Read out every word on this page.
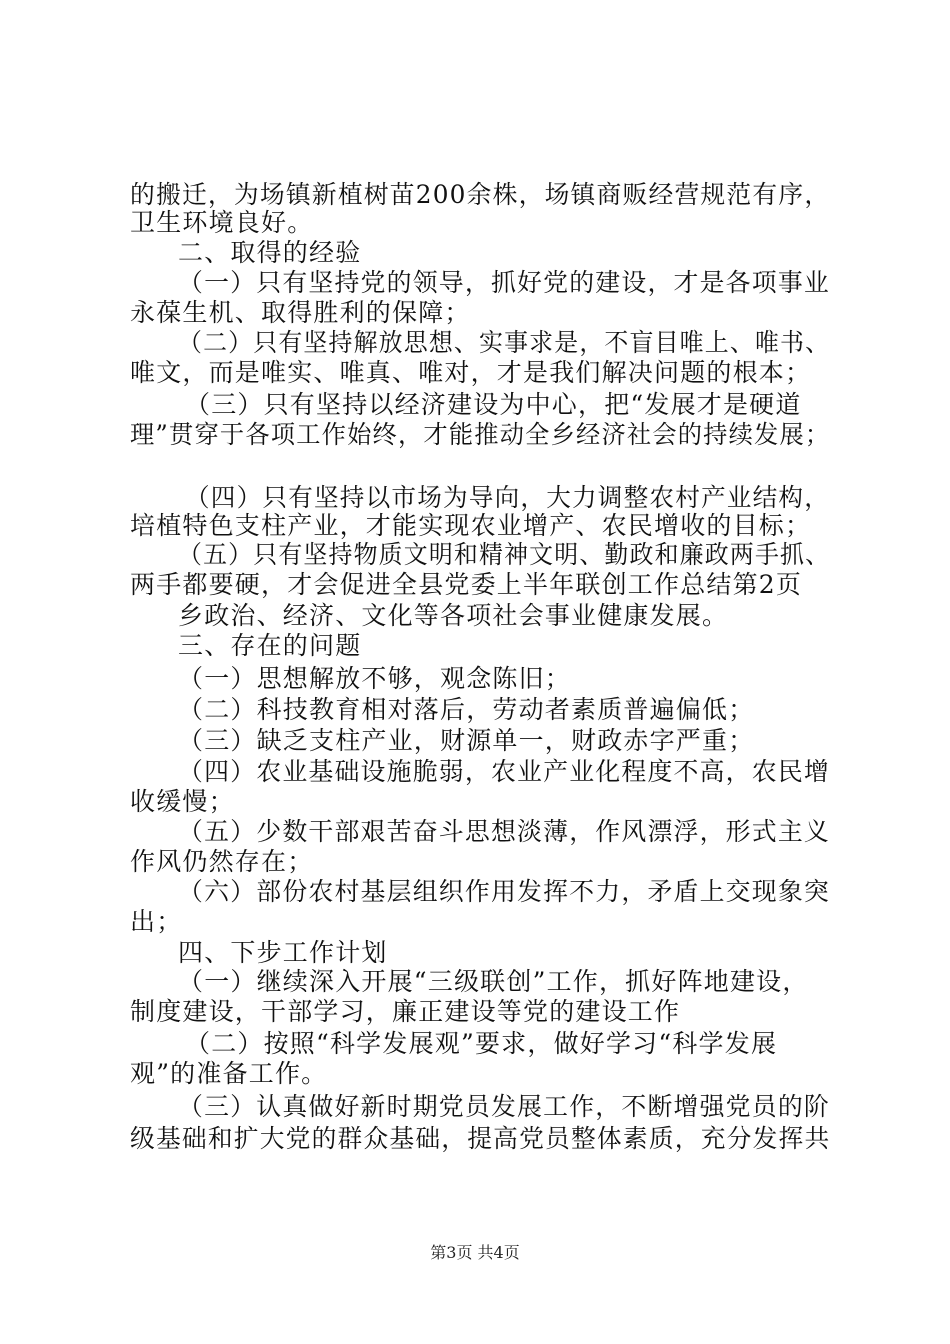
的搬迁，为场镇新植树苗200余株，场镇商贩经营规范有序，
卫生环境良好。
二、取得的经验
（一）只有坚持党的领导，抓好党的建设，才是各项事业
永葆生机、取得胜利的保障；
（二）只有坚持解放思想、实事求是，不盲目唯上、唯书、
唯文，而是唯实、唯真、唯对，才是我们解决问题的根本；
（三）只有坚持以经济建设为中心，把“发展才是硬道
理”贯穿于各项工作始终，才能推动全乡经济社会的持续发展；
（四）只有坚持以市场为导向，大力调整农村产业结构，
培植特色支柱产业，才能实现农业增产、农民增收的目标；
（五）只有坚持物质文明和精神文明、勤政和廉政两手抓、
两手都要硬，才会促进全县党委上半年联创工作总结第2页
乡政治、经济、文化等各项社会事业健康发展。
三、存在的问题
（一）思想解放不够，观念陈旧；
（二）科技教育相对落后，劳动者素质普遍偏低；
（三）缺乏支柱产业，财源单一，财政赤字严重；
（四）农业基础设施脆弱，农业产业化程度不高，农民增
收缓慢；
（五）少数干部艰苦奋斗思想淡薄，作风漂浮，形式主义
作风仍然存在；
（六）部份农村基层组织作用发挥不力，矛盾上交现象突
出；
四、下步工作计划
（一）继续深入开展“三级联创”工作，抓好阵地建设，
制度建设，干部学习，廉正建设等党的建设工作
（二）按照“科学发展观”要求，做好学习“科学发展
观”的准备工作。
（三）认真做好新时期党员发展工作，不断增强党员的阶
级基础和扩大党的群众基础，提高党员整体素质，充分发挥共
第3页 共4页
